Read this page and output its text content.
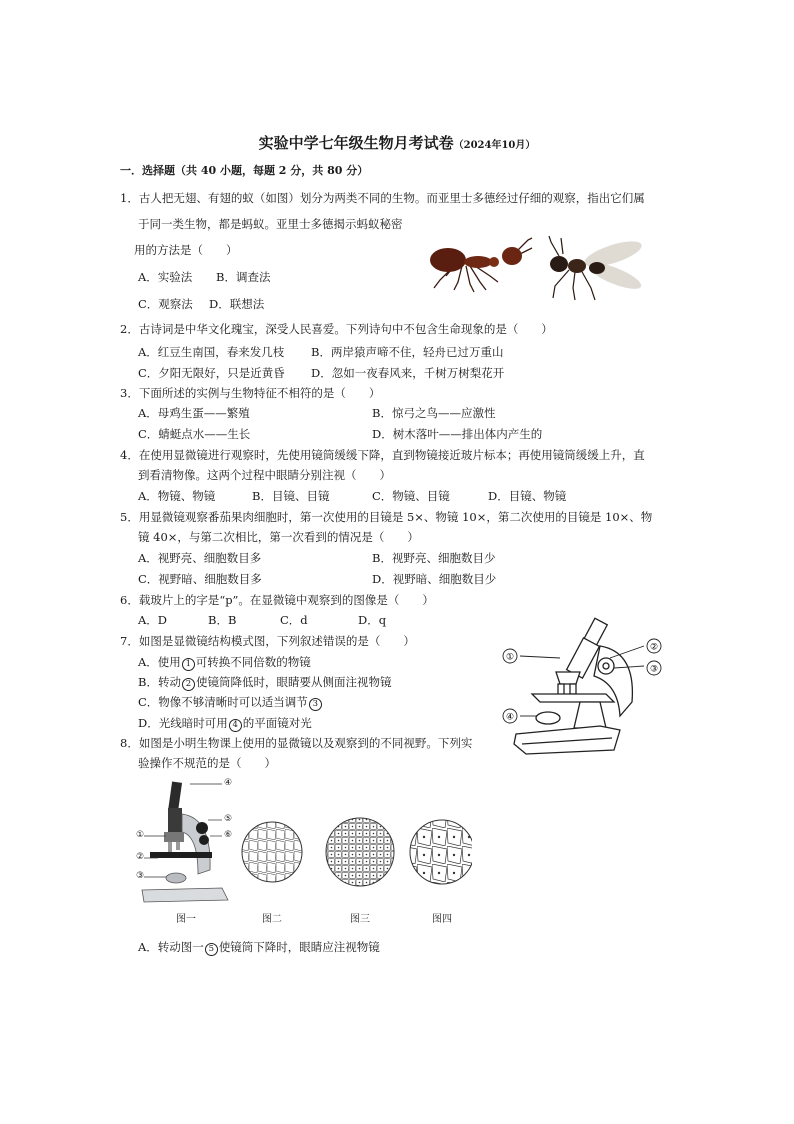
实验中学七年级生物月考试卷（2024年10月）
一．选择题（共 40 小题，每题 2 分，共 80 分）
1．古人把无翅、有翅的蚁（如图）划分为两类不同的生物。而亚里士多德经过仔细的观察，指出它们属
于同一类生物，都是蚂蚁。亚里士多德揭示蚂蚁秘密
用的方法是（　　）
A．实验法 B．调查法
C．观察法 D．联想法
2．古诗词是中华文化瑰宝，深受人民喜爱。下列诗句中不包含生命现象的是（　　）
A．红豆生南国，春来发几枝 B．两岸猿声啼不住，轻舟已过万重山
C．夕阳无限好，只是近黄昏 D．忽如一夜春风来，千树万树梨花开
3．下面所述的实例与生物特征不相符的是（　　）
A．母鸡生蛋——繁殖	B．惊弓之鸟——应激性
C．蜻蜓点水——生长	D．树木落叶——排出体内产生的
4．在使用显微镜进行观察时，先使用镜筒缓缓下降，直到物镜接近玻片标本；再使用镜筒缓缓上升，直
到看清物像。这两个过程中眼睛分别注视（　　）
A．物镜、物镜	B．目镜、目镜	C．物镜、目镜	D．目镜、物镜
5．用显微镜观察番茄果肉细胞时，第一次使用的目镜是 5×、物镜 10×，第二次使用的目镜是 10×、物
镜 40×，与第二次相比，第一次看到的情况是（　　）
A．视野亮、细胞数目多	B．视野亮、细胞数目少
C．视野暗、细胞数目多	D．视野暗、细胞数目少
6．载玻片上的字是“p”。在显微镜中观察到的图像是（　　）
A．D	B．B	C．d	D．q
7．如图是显微镜结构模式图，下列叙述错误的是（　　）
A．使用 1 可转换不同倍数的物镜
B．转动 2 使镜筒降低时，眼睛要从侧面注视物镜
C．物像不够清晰时可以适当调节 3
D．光线暗时可用 4 的平面镜对光
①
②
③
④
8．如图是小明生物课上使用的显微镜以及观察到的不同视野。下列实
验操作不规范的是（　　）
①
②
③
④
⑤
⑥
图一	图二	图三	图四
A．转动图一 5 使镜筒下降时，眼睛应注视物镜
